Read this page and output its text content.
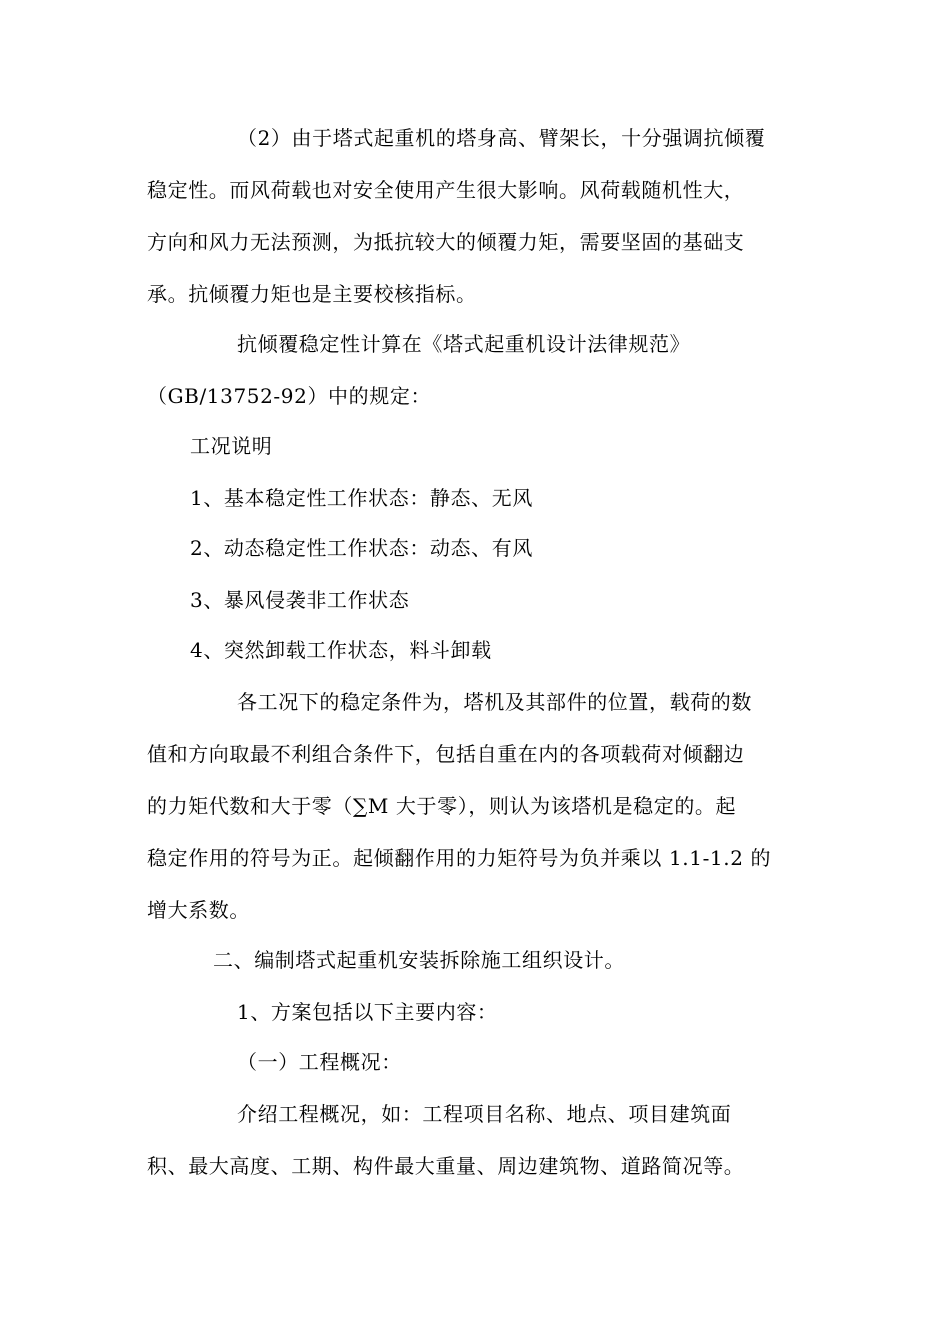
（2）由于塔式起重机的塔身高、臂架长，十分强调抗倾覆
稳定性。而风荷载也对安全使用产生很大影响。风荷载随机性大，
方向和风力无法预测，为抵抗较大的倾覆力矩，需要坚固的基础支
承。抗倾覆力矩也是主要校核指标。
抗倾覆稳定性计算在《塔式起重机设计法律规范》
（GB/13752-92）中的规定：
工况说明
1、基本稳定性工作状态：静态、无风
2、动态稳定性工作状态：动态、有风
3、暴风侵袭非工作状态
4、突然卸载工作状态，料斗卸载
各工况下的稳定条件为，塔机及其部件的位置，载荷的数
值和方向取最不利组合条件下，包括自重在内的各项载荷对倾翻边
的力矩代数和大于零（∑M 大于零），则认为该塔机是稳定的。起
稳定作用的符号为正。起倾翻作用的力矩符号为负并乘以 1.1-1.2 的
增大系数。
二、编制塔式起重机安装拆除施工组织设计。
1、方案包括以下主要内容：
（一）工程概况：
介绍工程概况，如：工程项目名称、地点、项目建筑面
积、最大高度、工期、构件最大重量、周边建筑物、道路简况等。
